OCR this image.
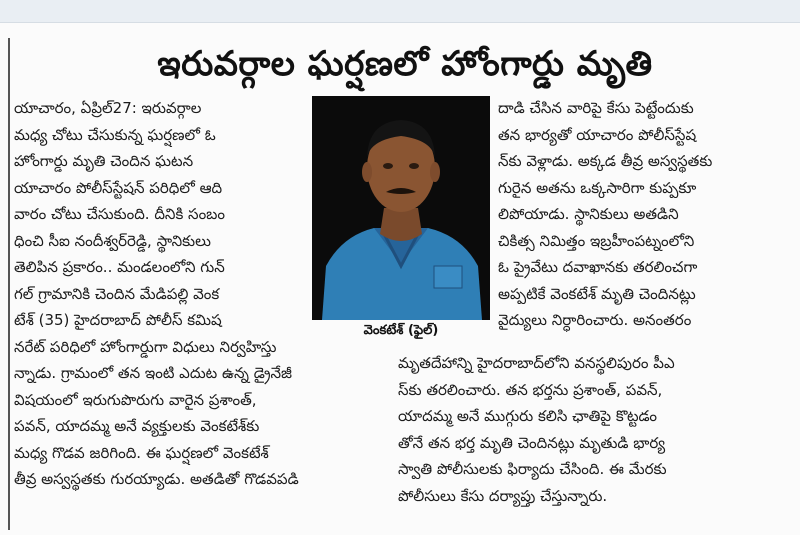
ఇరువర్గాల ఘర్షణలో హోంగార్డు మృతి
యాచారం, ఏప్రిల్27: ఇరువర్గాల
మధ్య చోటు చేసుకున్న ఘర్షణలో ఓ
హోంగార్డు మృతి చెందిన ఘటన
యాచారం పోలీస్‌స్టేషన్ పరిధిలో ఆది
వారం చోటు చేసుకుంది. దీనికి సంబం
ధించి సీఐ నందీశ్వర్‌రెడ్డి, స్థానికులు
తెలిపిన ప్రకారం.. మండలంలోని గున్
గల్ గ్రామానికి చెందిన మేడిపల్లి వెంక
టేశ్ (35) హైదరాబాద్ పోలీస్ కమిష
నరేట్ పరిధిలో హోంగార్డుగా విధులు నిర్వహిస్తు
న్నాడు. గ్రామంలో తన ఇంటి ఎదుట ఉన్న డ్రైనేజీ
విషయంలో ఇరుగుపొరుగు వారైన ప్రశాంత్,
పవన్, యాదమ్మ అనే వ్యక్తులకు వెంకటేశ్‌కు
మధ్య గొడవ జరిగింది. ఈ ఘర్షణలో వెంకటేశ్
తీవ్ర అస్వస్థతకు గురయ్యాడు. అతడితో గొడవపడి
వెంకటేశ్ (ఫైల్)
దాడి చేసిన వారిపై కేసు పెట్టేందుకు
తన భార్యతో యాచారం పోలీస్‌స్టేష
న్‌కు వెళ్లాడు. అక్కడ తీవ్ర అస్వస్థతకు
గురైన అతను ఒక్కసారిగా కుప్పకూ
లిపోయాడు. స్థానికులు అతడిని
చికిత్స నిమిత్తం ఇబ్రహీంపట్నంలోని
ఓ ప్రైవేటు దవాఖానకు తరలించగా
అప్పటికే వెంకటేశ్ మృతి చెందినట్లు
వైద్యులు నిర్ధారించారు. అనంతరం
మృతదేహాన్ని హైదరాబాద్‌లోని వనస్థలిపురం పీఎ
స్‌కు తరలించారు. తన భర్తను ప్రశాంత్, పవన్,
యాదమ్మ అనే ముగ్గురు కలిసి ఛాతిపై కొట్టడం
తోనే తన భర్త మృతి చెందినట్లు మృతుడి భార్య
స్వాతి పోలీసులకు ఫిర్యాదు చేసింది. ఈ మేరకు
పోలీసులు కేసు దర్యాప్తు చేస్తున్నారు.
